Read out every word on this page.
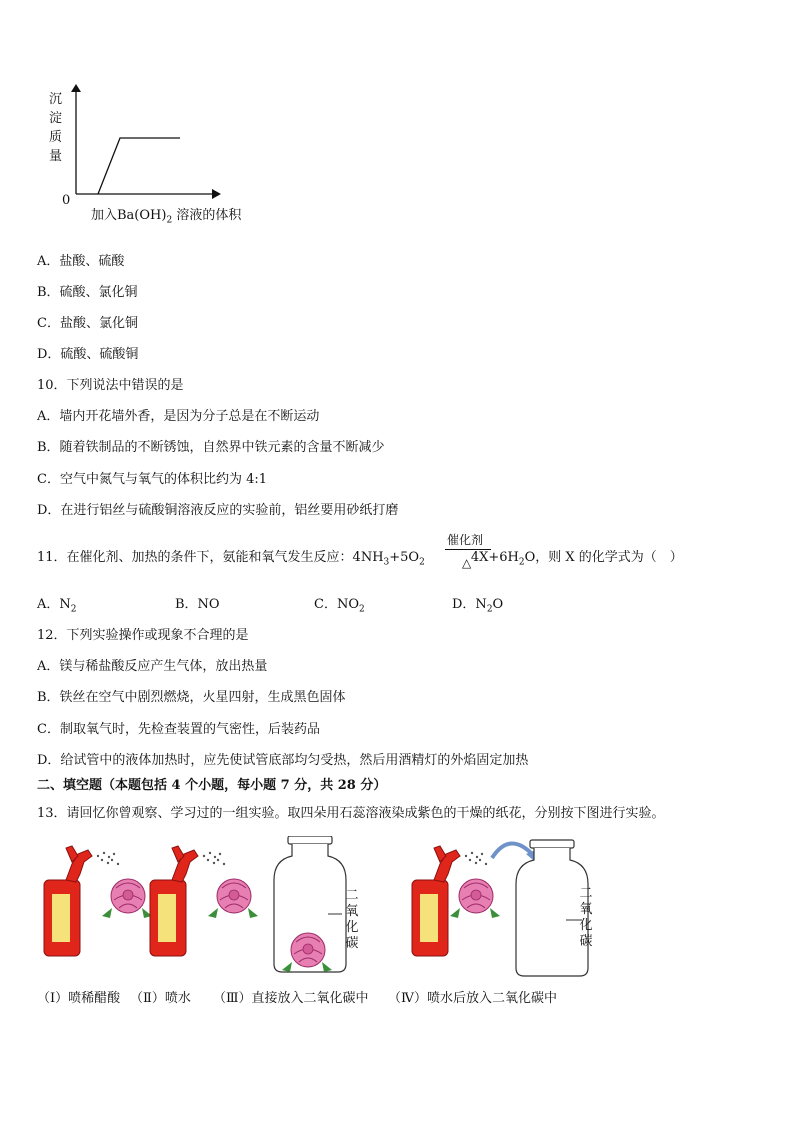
沉
淀
质
量
0
加入$Ba(OH)_2$ 溶液的体积
A．盐酸、硫酸
B．硫酸、氯化铜
C．盐酸、氯化铜
D．硫酸、硫酸铜
10．下列说法中错误的是
A．墙内开花墙外香，是因为分子总是在不断运动
B．随着铁制品的不断锈蚀，自然界中铁元素的含量不断减少
C．空气中氮气与氧气的体积比约为 4:1
D．在进行铝丝与硫酸铜溶液反应的实验前，铝丝要用砂纸打磨
11．在催化剂、加热的条件下，氨能和氧气发生反应：$4NH_3+5O_2$	$4X+6H_2O$，则 X 的化学式为（　）
催化剂
△
A．$N_2$	B．NO	C．$NO_2$	D．$N_2O$
12．下列实验操作或现象不合理的是
A．镁与稀盐酸反应产生气体，放出热量
B．铁丝在空气中剧烈燃烧，火星四射，生成黑色固体
C．制取氧气时，先检查装置的气密性，后装药品
D．给试管中的液体加热时，应先使试管底部均匀受热，然后用酒精灯的外焰固定加热
二、填空题（本题包括 4 个小题，每小题 7 分，共 28 分）
13．请回忆你曾观察、学习过的一组实验。取四朵用石蕊溶液染成紫色的干燥的纸花，分别按下图进行实验。
二
氧
化
碳
二
氧
化
碳
（Ⅰ）喷稀醋酸 （Ⅱ）喷水 （Ⅲ）直接放入二氧化碳中 （Ⅳ）喷水后放入二氧化碳中
